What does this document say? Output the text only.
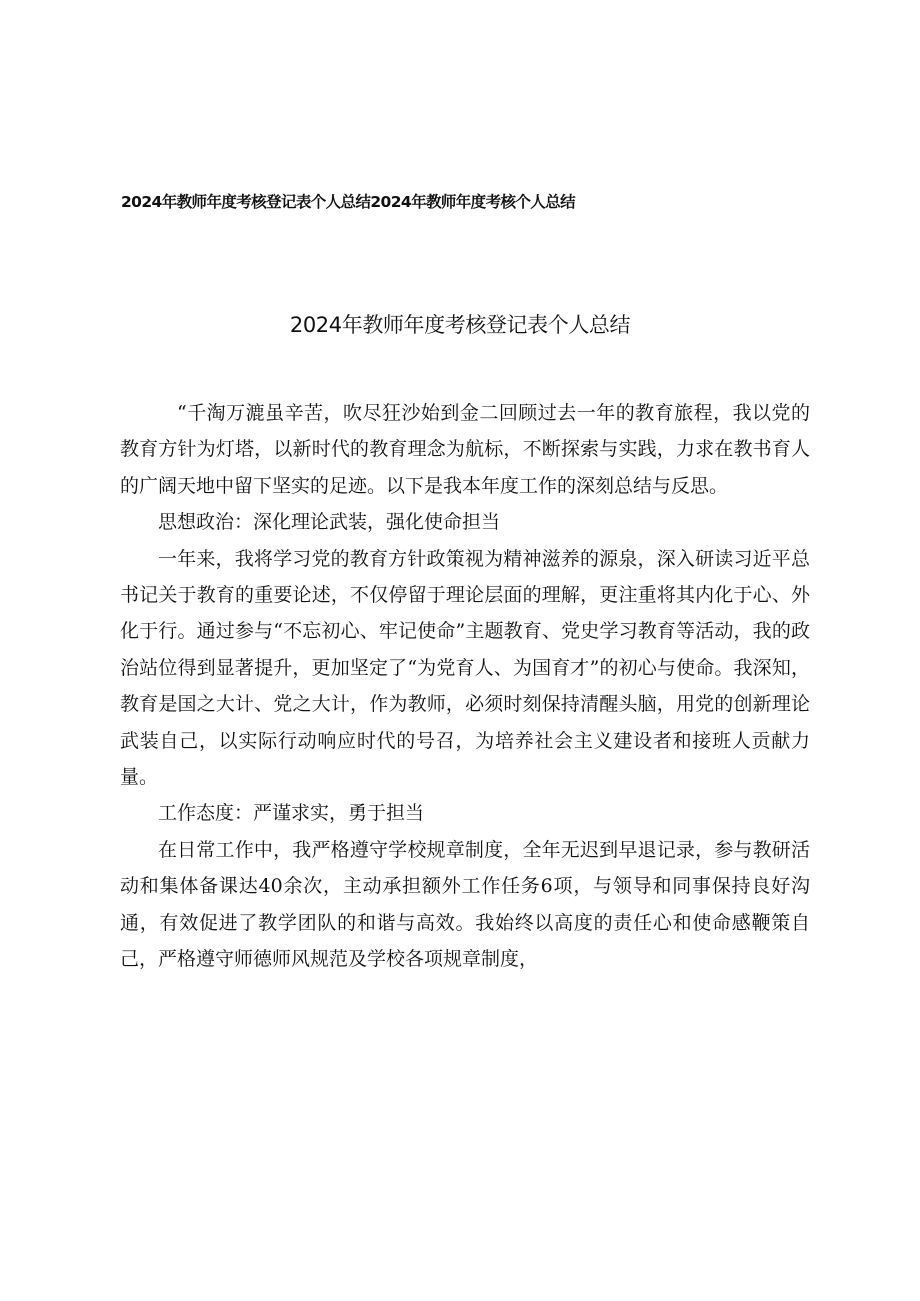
2024年教师年度考核登记表个人总结2024年教师年度考核个人总结
2024年教师年度考核登记表个人总结

“千淘万漉虽辛苦，吹尽狂沙始到金二回顾过去一年的教育旅程，我以党的教育方针为灯塔，以新时代的教育理念为航标，不断探索与实践，力求在教书育人的广阔天地中留下坚实的足迹。以下是我本年度工作的深刻总结与反思。

思想政治：深化理论武装，强化使命担当

一年来，我将学习党的教育方针政策视为精神滋养的源泉，深入研读习近平总书记关于教育的重要论述，不仅停留于理论层面的理解，更注重将其内化于心、外化于行。通过参与“不忘初心、牢记使命”主题教育、党史学习教育等活动，我的政治站位得到显著提升，更加坚定了“为党育人、为国育才”的初心与使命。我深知，教育是国之大计、党之大计，作为教师，必须时刻保持清醒头脑，用党的创新理论武装自己，以实际行动响应时代的号召，为培养社会主义建设者和接班人贡献力量。

工作态度：严谨求实，勇于担当

在日常工作中，我严格遵守学校规章制度，全年无迟到早退记录，参与教研活动和集体备课达40余次，主动承担额外工作任务6项，与领导和同事保持良好沟通，有效促进了教学团队的和谐与高效。我始终以高度的责任心和使命感鞭策自己，严格遵守师德师风规范及学校各项规章制度，
